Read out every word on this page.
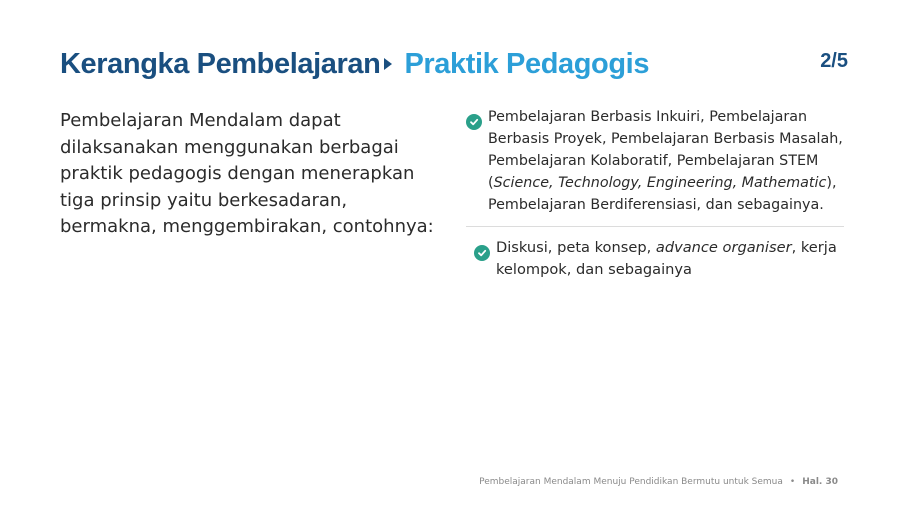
Kerangka Pembelajaran Praktik Pedagogis	2/5
Pembelajaran Mendalam dapat dilaksanakan menggunakan berbagai praktik pedagogis dengan menerapkan tiga prinsip yaitu berkesadaran, bermakna, menggembirakan, contohnya:
Pembelajaran Berbasis Inkuiri, Pembelajaran Berbasis Proyek, Pembelajaran Berbasis Masalah, Pembelajaran Kolaboratif, Pembelajaran STEM (Science, Technology, Engineering, Mathematic), Pembelajaran Berdiferensiasi, dan sebagainya.
Diskusi, peta konsep, advance organiser, kerja kelompok, dan sebagainya
Pembelajaran Mendalam Menuju Pendidikan Bermutu untuk Semua • Hal. 30
